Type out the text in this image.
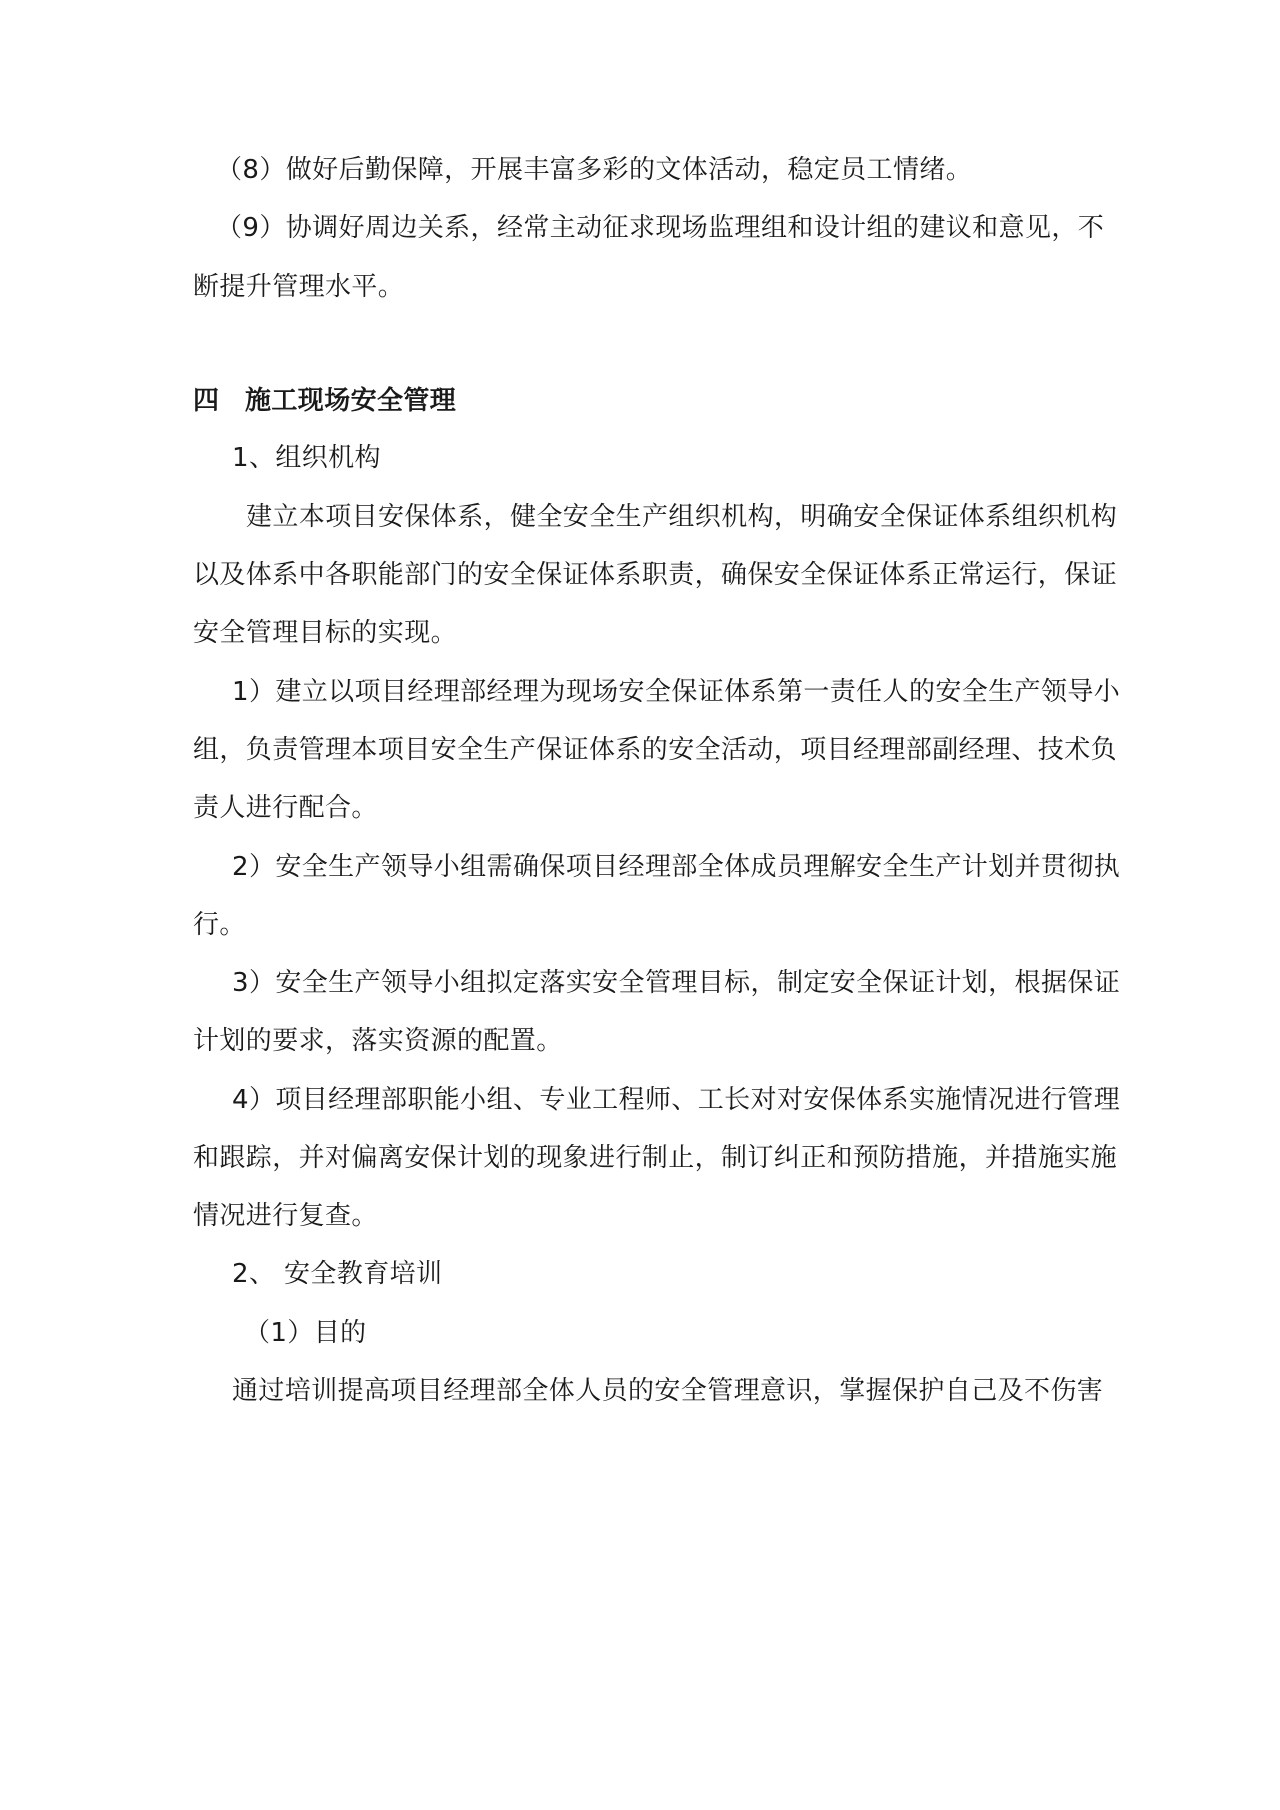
（8）做好后勤保障，开展丰富多彩的文体活动，稳定员工情绪。
（9）协调好周边关系，经常主动征求现场监理组和设计组的建议和意见，不
断提升管理水平。
四 施工现场安全管理
1、组织机构
建立本项目安保体系，健全安全生产组织机构，明确安全保证体系组织机构
以及体系中各职能部门的安全保证体系职责，确保安全保证体系正常运行，保证
安全管理目标的实现。
1）建立以项目经理部经理为现场安全保证体系第一责任人的安全生产领导小
组，负责管理本项目安全生产保证体系的安全活动，项目经理部副经理、技术负
责人进行配合。
2）安全生产领导小组需确保项目经理部全体成员理解安全生产计划并贯彻执
行。
3）安全生产领导小组拟定落实安全管理目标，制定安全保证计划，根据保证
计划的要求，落实资源的配置。
4）项目经理部职能小组、专业工程师、工长对对安保体系实施情况进行管理
和跟踪，并对偏离安保计划的现象进行制止，制订纠正和预防措施，并措施实施
情况进行复查。
2、 安全教育培训
（1）目的
通过培训提高项目经理部全体人员的安全管理意识，掌握保护自己及不伤害
